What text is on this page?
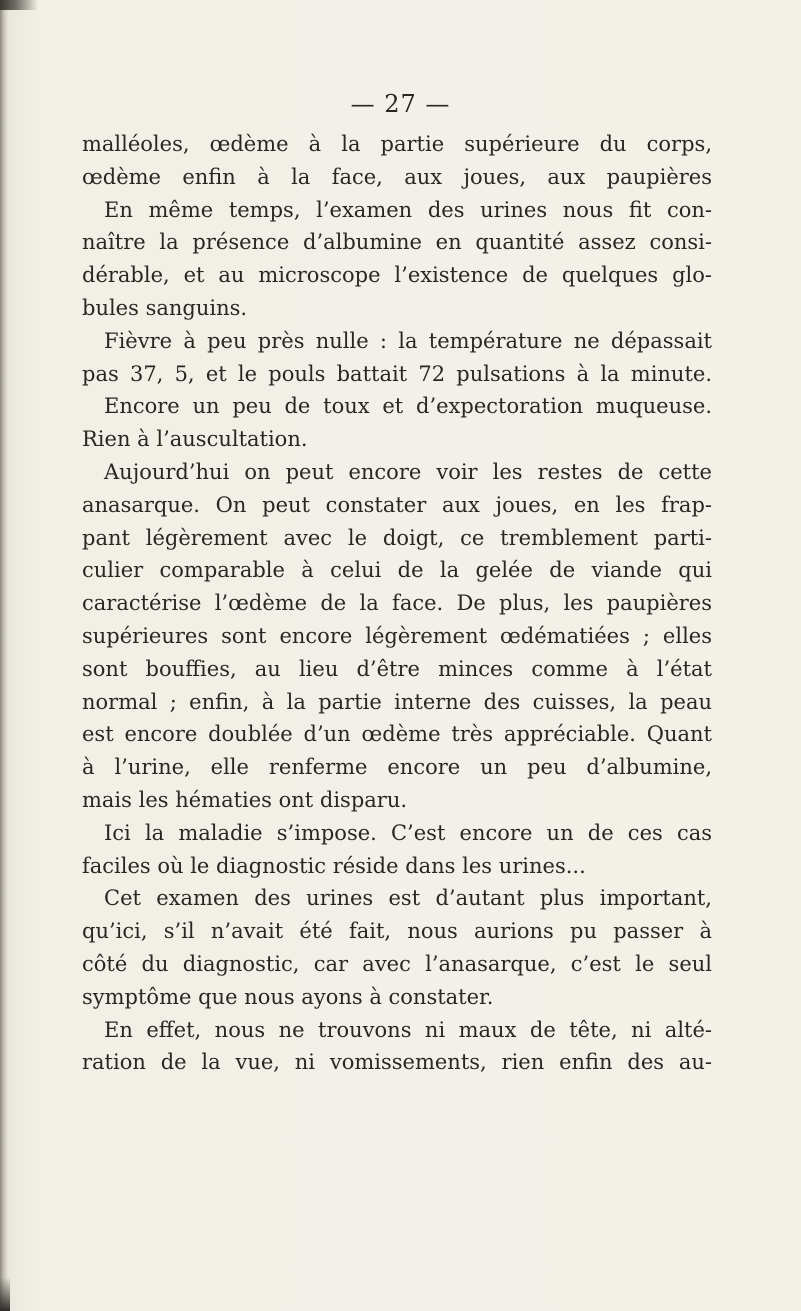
— 27 —
malléoles, œdème à la partie supérieure du corps,
œdème enfin à la face, aux joues, aux paupières
En même temps, l’examen des urines nous fit con-
naître la présence d’albumine en quantité assez consi-
dérable, et au microscope l’existence de quelques glo-
bules sanguins.
Fièvre à peu près nulle : la température ne dépassait
pas 37, 5, et le pouls battait 72 pulsations à la minute.
Encore un peu de toux et d’expectoration muqueuse.
Rien à l’auscultation.
Aujourd’hui on peut encore voir les restes de cette
anasarque. On peut constater aux joues, en les frap-
pant légèrement avec le doigt, ce tremblement parti-
culier comparable à celui de la gelée de viande qui
caractérise l’œdème de la face. De plus, les paupières
supérieures sont encore légèrement œdématiées ; elles
sont bouffies, au lieu d’être minces comme à l’état
normal ; enfin, à la partie interne des cuisses, la peau
est encore doublée d’un œdème très appréciable. Quant
à l’urine, elle renferme encore un peu d’albumine,
mais les hématies ont disparu.
Ici la maladie s’impose. C’est encore un de ces cas
faciles où le diagnostic réside dans les urines...
Cet examen des urines est d’autant plus important,
qu’ici, s’il n’avait été fait, nous aurions pu passer à
côté du diagnostic, car avec l’anasarque, c’est le seul
symptôme que nous ayons à constater.
En effet, nous ne trouvons ni maux de tête, ni alté-
ration de la vue, ni vomissements, rien enfin des au-
